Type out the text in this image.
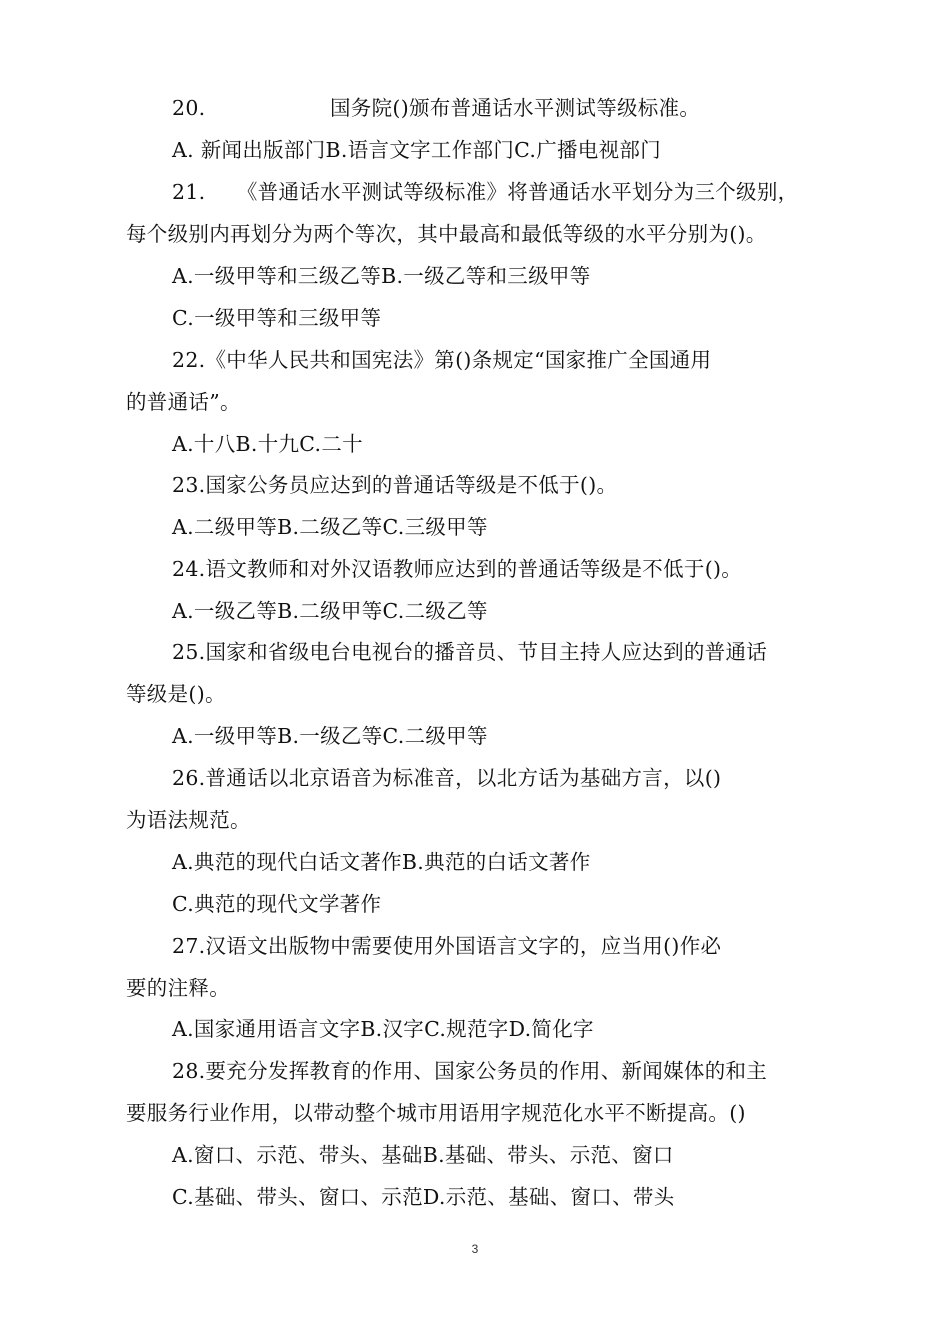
20.	国务院()颁布普通话水平测试等级标准。
A. 新闻出版部门B.语言文字工作部门C.广播电视部门
21.　　《普通话水平测试等级标准》将普通话水平划分为三个级别，
每个级别内再划分为两个等次，其中最高和最低等级的水平分别为()。
A.一级甲等和三级乙等B.一级乙等和三级甲等
C.一级甲等和三级甲等
22.《中华人民共和国宪法》第()条规定“国家推广全国通用
的普通话”。
A.十八B.十九C.二十
23.国家公务员应达到的普通话等级是不低于()。
A.二级甲等B.二级乙等C.三级甲等
24.语文教师和对外汉语教师应达到的普通话等级是不低于()。
A.一级乙等B.二级甲等C.二级乙等
25.国家和省级电台电视台的播音员、节目主持人应达到的普通话
等级是()。
A.一级甲等B.一级乙等C.二级甲等
26.普通话以北京语音为标准音，以北方话为基础方言，以()
为语法规范。
A.典范的现代白话文著作B.典范的白话文著作
C.典范的现代文学著作
27.汉语文出版物中需要使用外国语言文字的，应当用()作必
要的注释。
A.国家通用语言文字B.汉字C.规范字D.简化字
28.要充分发挥教育的作用、国家公务员的作用、新闻媒体的和主
要服务行业作用，以带动整个城市用语用字规范化水平不断提高。()
A.窗口、示范、带头、基础B.基础、带头、示范、窗口
C.基础、带头、窗口、示范D.示范、基础、窗口、带头
3
